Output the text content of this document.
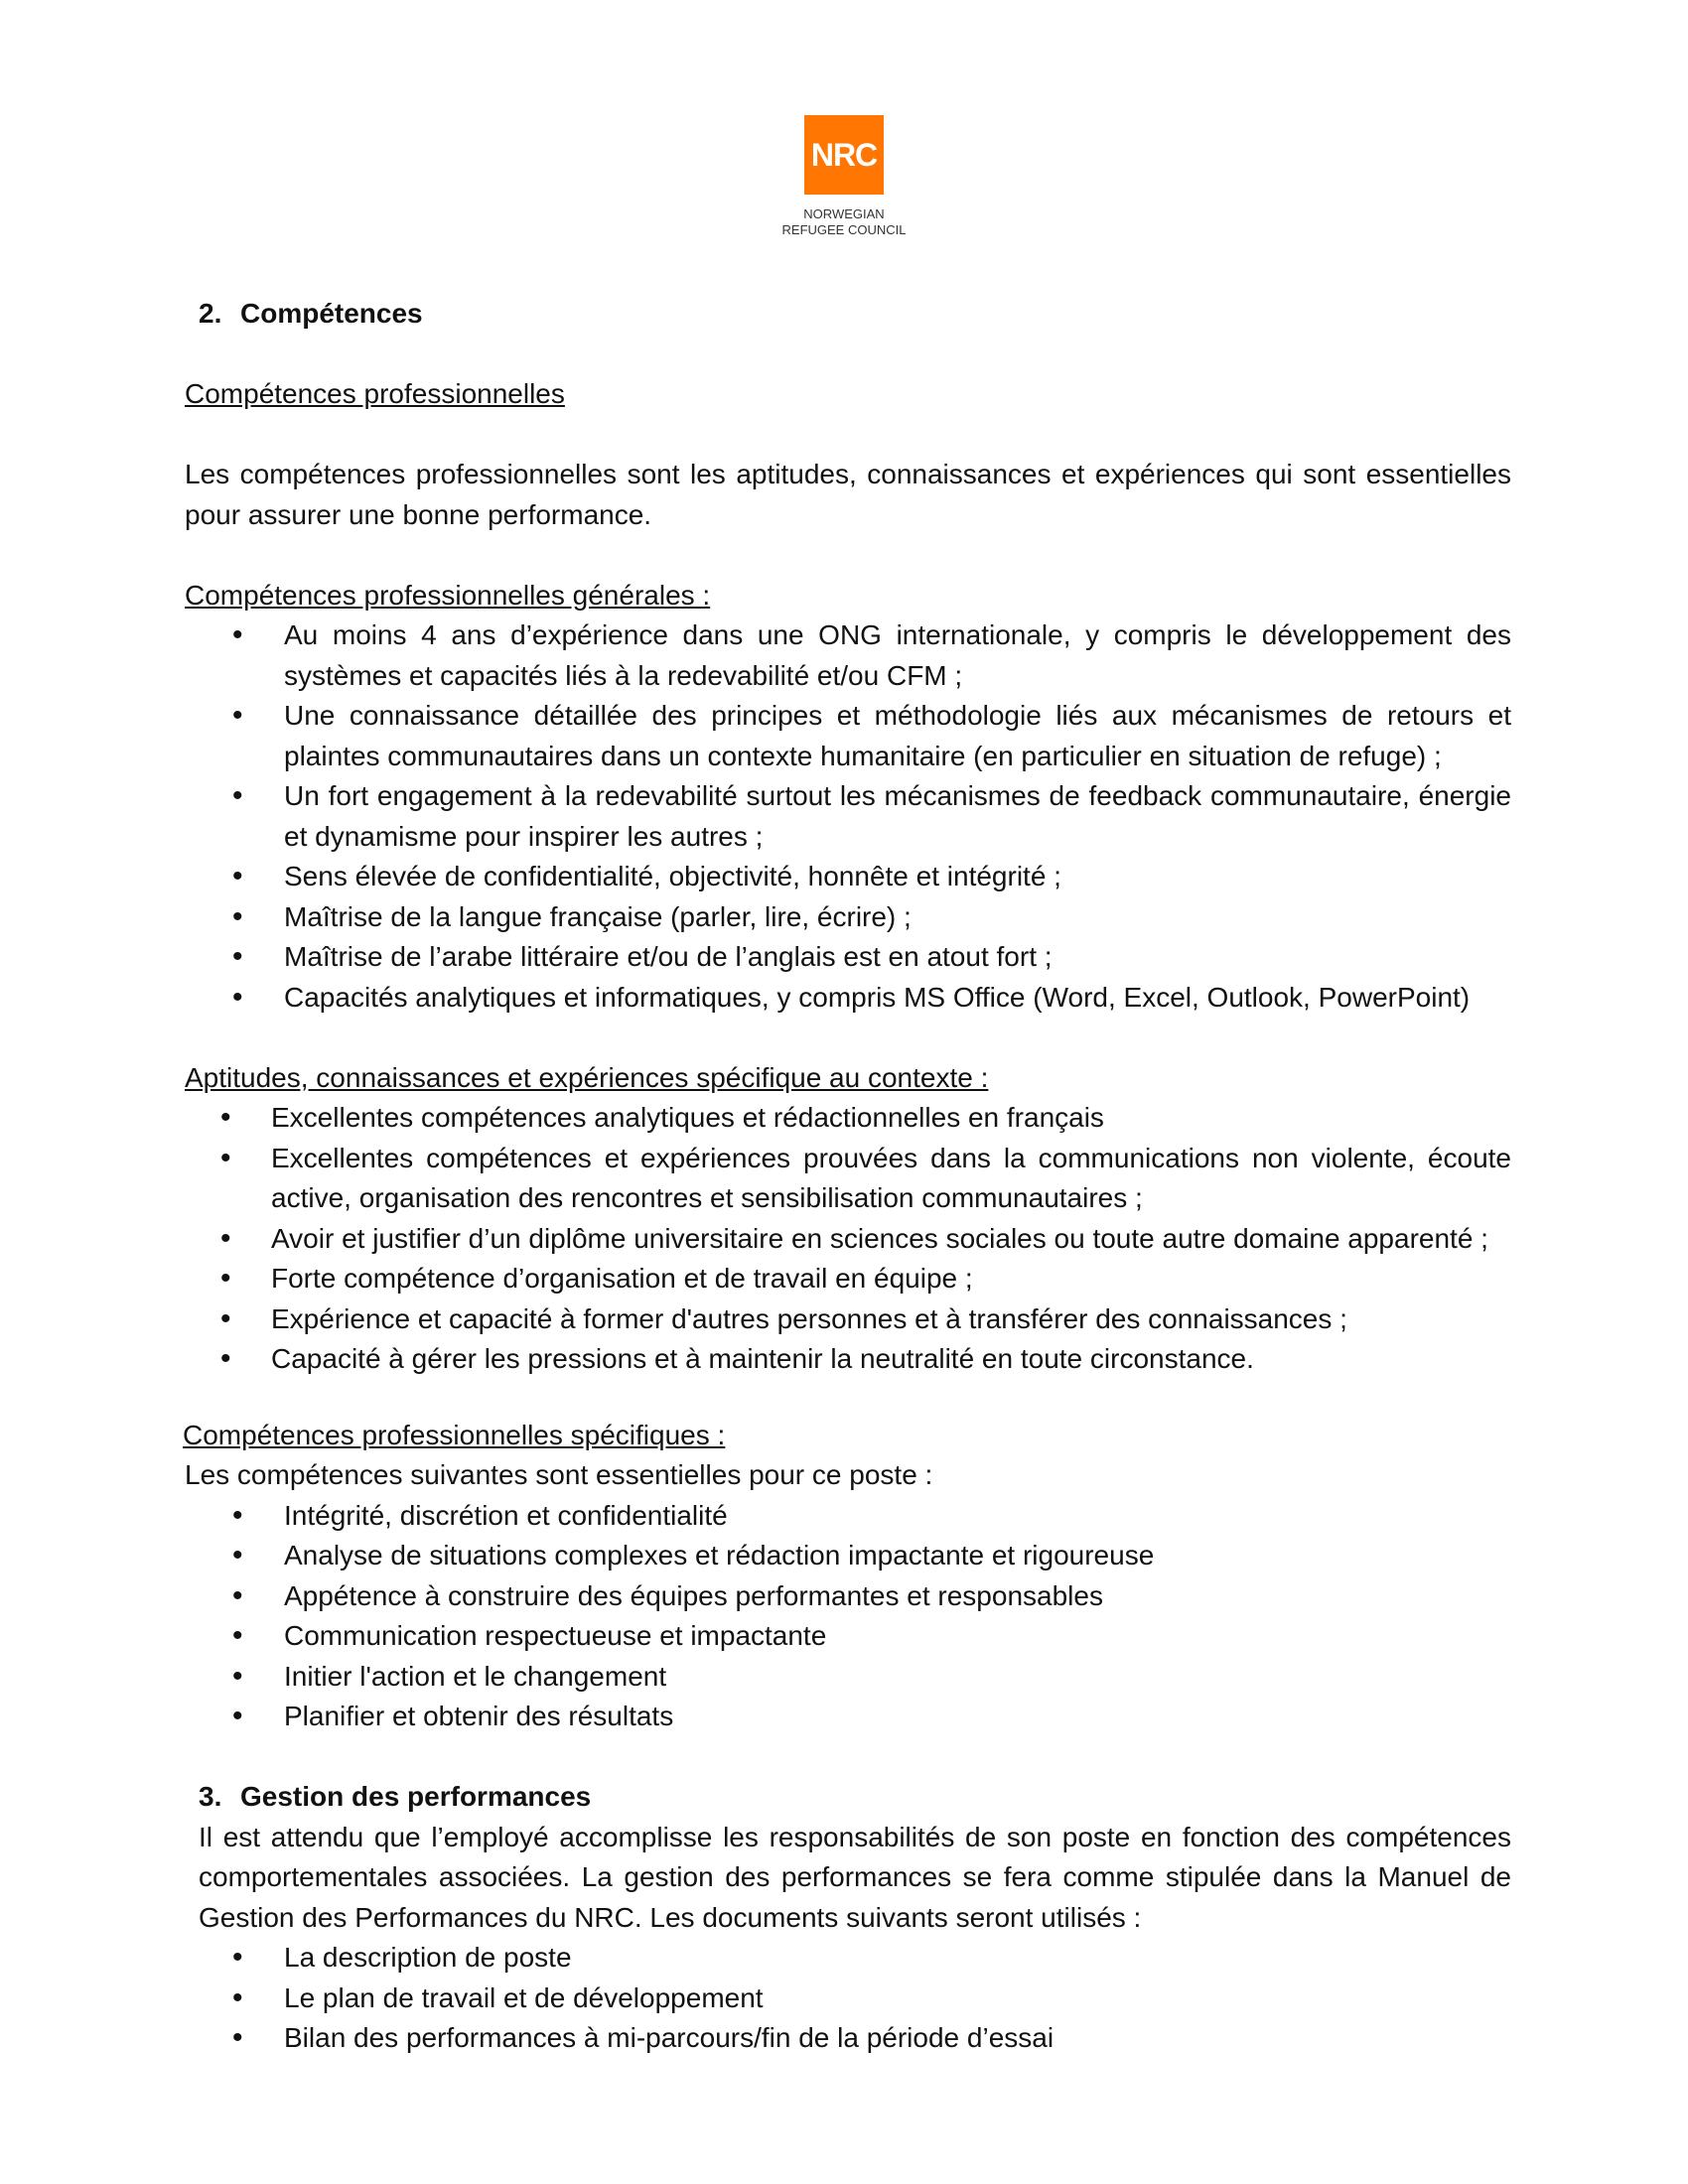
NRC
NORWEGIAN
REFUGEE COUNCIL
2. Compétences

Compétences professionnelles

Les compétences professionnelles sont les aptitudes, connaissances et expériences qui sont essentielles pour assurer une bonne performance.

Compétences professionnelles générales :

• Au moins 4 ans d’expérience dans une ONG internationale, y compris le développement des systèmes et capacités liés à la redevabilité et/ou CFM ;
• Une connaissance détaillée des principes et méthodologie liés aux mécanismes de retours et plaintes communautaires dans un contexte humanitaire (en particulier en situation de refuge) ;
• Un fort engagement à la redevabilité surtout les mécanismes de feedback communautaire, énergie et dynamisme pour inspirer les autres ;
• Sens élevée de confidentialité, objectivité, honnête et intégrité ;
• Maîtrise de la langue française (parler, lire, écrire) ;
• Maîtrise de l’arabe littéraire et/ou de l’anglais est en atout fort ;
• Capacités analytiques et informatiques, y compris MS Office (Word, Excel, Outlook, PowerPoint)

Aptitudes, connaissances et expériences spécifique au contexte :

• Excellentes compétences analytiques et rédactionnelles en français
• Excellentes compétences et expériences prouvées dans la communications non violente, écoute active, organisation des rencontres et sensibilisation communautaires ;
• Avoir et justifier d’un diplôme universitaire en sciences sociales ou toute autre domaine apparenté ;
• Forte compétence d’organisation et de travail en équipe ;
• Expérience et capacité à former d'autres personnes et à transférer des connaissances ;
• Capacité à gérer les pressions et à maintenir la neutralité en toute circonstance.

Compétences professionnelles spécifiques :

Les compétences suivantes sont essentielles pour ce poste :

• Intégrité, discrétion et confidentialité
• Analyse de situations complexes et rédaction impactante et rigoureuse
• Appétence à construire des équipes performantes et responsables
• Communication respectueuse et impactante
• Initier l'action et le changement
• Planifier et obtenir des résultats
3. Gestion des performances

Il est attendu que l’employé accomplisse les responsabilités de son poste en fonction des compétences comportementales associées. La gestion des performances se fera comme stipulée dans la Manuel de Gestion des Performances du NRC. Les documents suivants seront utilisés :

• La description de poste
• Le plan de travail et de développement
• Bilan des performances à mi-parcours/fin de la période d’essai
